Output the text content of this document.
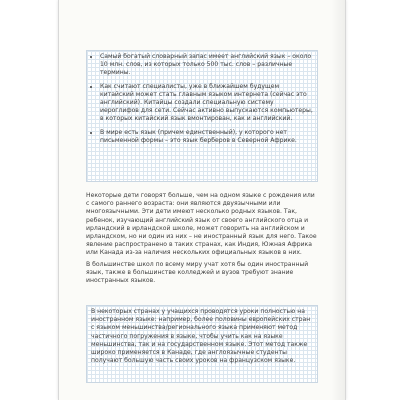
• Самый богатый словарный запас имеет английский язык – около 10 млн. слов, из которых только 500 тыс. слов – различные термины.
• Как считают специалисты, уже в ближайшем будущем китайский может стать главным языком интернета (сейчас это английский). Китайцы создали специальную систему иероглифов для сети. Сейчас активно выпускаются компьютеры, в которых китайский язык вмонтирован, как и английский.
• В мире есть язык (причем единственный), у которого нет письменной формы – это язык берберов в Северной Африке.

Некоторые дети говорят больше, чем на одном языке с рождения или с самого раннего возраста: они являются двуязычными или многоязычными. Эти дети имеют несколько родных языков. Так, ребенок, изучающий английский язык от своего английского отца и ирландский в ирландской школе, может говорить на английском и ирландском, но ни один из них – не иностранный язык для него. Такое явление распространено в таких странах, как Индия, Южная Африка или Канада из-за наличия нескольких официальных языков в них.

В большинстве школ по всему миру учат хотя бы один иностранный язык, также в большинстве колледжей и вузов требуют знание иностранных языков.

В некоторых странах у учащихся проводятся уроки полностью на иностранном языке: например, более половины европейских стран с языком меньшинства/регионального языка применяют метод частичного погружения в языке, чтобы учить как на языке меньшинства, так и на государственном языке. Этот метод также широко применяется в Канаде, где англоязычные студенты получают большую часть своих уроков на французском языке.
